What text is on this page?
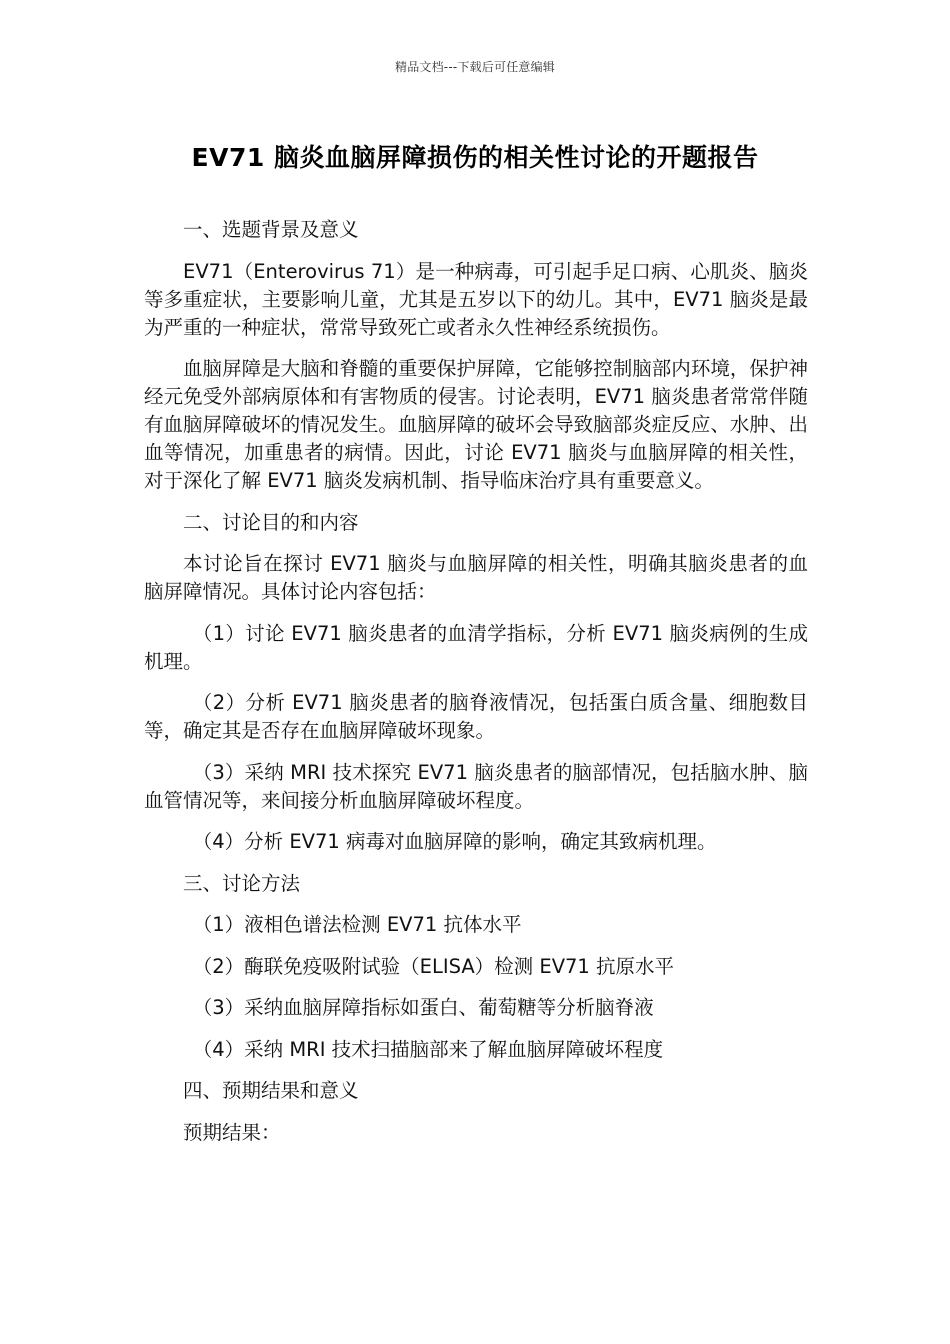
精品文档---下载后可任意编辑
EV71 脑炎血脑屏障损伤的相关性讨论的开题报告

一、选题背景及意义

EV71（Enterovirus 71）是一种病毒，可引起手足口病、心肌炎、脑炎等多重症状，主要影响儿童，尤其是五岁以下的幼儿。其中，EV71 脑炎是最为严重的一种症状，常常导致死亡或者永久性神经系统损伤。

血脑屏障是大脑和脊髓的重要保护屏障，它能够控制脑部内环境，保护神经元免受外部病原体和有害物质的侵害。讨论表明，EV71 脑炎患者常常伴随有血脑屏障破坏的情况发生。血脑屏障的破坏会导致脑部炎症反应、水肿、出血等情况，加重患者的病情。因此，讨论 EV71 脑炎与血脑屏障的相关性，对于深化了解 EV71 脑炎发病机制、指导临床治疗具有重要意义。

二、讨论目的和内容

本讨论旨在探讨 EV71 脑炎与血脑屏障的相关性，明确其脑炎患者的血脑屏障情况。具体讨论内容包括：

（1）讨论 EV71 脑炎患者的血清学指标，分析 EV71 脑炎病例的生成机理。

（2）分析 EV71 脑炎患者的脑脊液情况，包括蛋白质含量、细胞数目等，确定其是否存在血脑屏障破坏现象。

（3）采纳 MRI 技术探究 EV71 脑炎患者的脑部情况，包括脑水肿、脑血管情况等，来间接分析血脑屏障破坏程度。

（4）分析 EV71 病毒对血脑屏障的影响，确定其致病机理。

三、讨论方法

（1）液相色谱法检测 EV71 抗体水平

（2）酶联免疫吸附试验（ELISA）检测 EV71 抗原水平

（3）采纳血脑屏障指标如蛋白、葡萄糖等分析脑脊液

（4）采纳 MRI 技术扫描脑部来了解血脑屏障破坏程度

四、预期结果和意义

预期结果：
